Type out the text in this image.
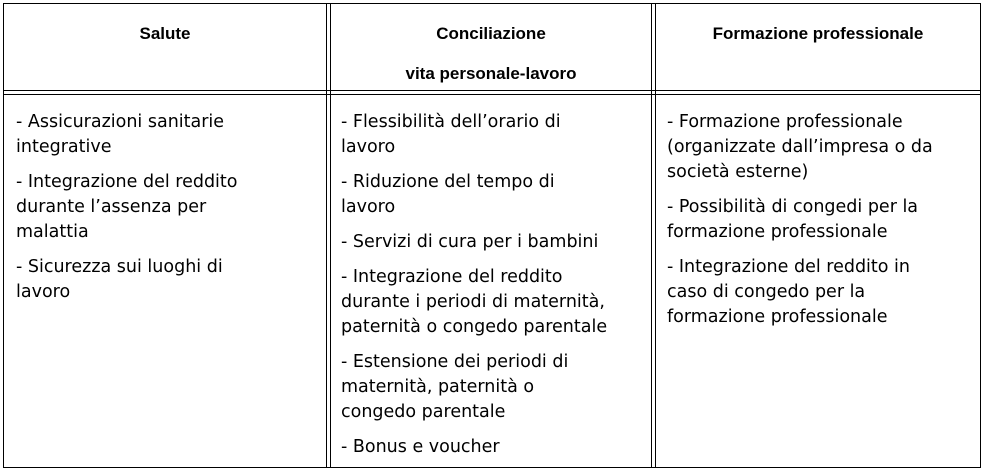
Salute	Conciliazione
vita personale-lavoro
Formazione professionale
- Assicurazioni sanitarie
integrative
- Integrazione del reddito
durante l’assenza per
malattia
- Sicurezza sui luoghi di
lavoro
- Flessibilità dell’orario di
lavoro
- Riduzione del tempo di
lavoro
- Servizi di cura per i bambini
- Integrazione del reddito
durante i periodi di maternità,
paternità o congedo parentale
- Estensione dei periodi di
maternità, paternità o
congedo parentale
- Bonus e voucher
- Formazione professionale
(organizzate dall’impresa o da
società esterne)
- Possibilità di congedi per la
formazione professionale
- Integrazione del reddito in
caso di congedo per la
formazione professionale
